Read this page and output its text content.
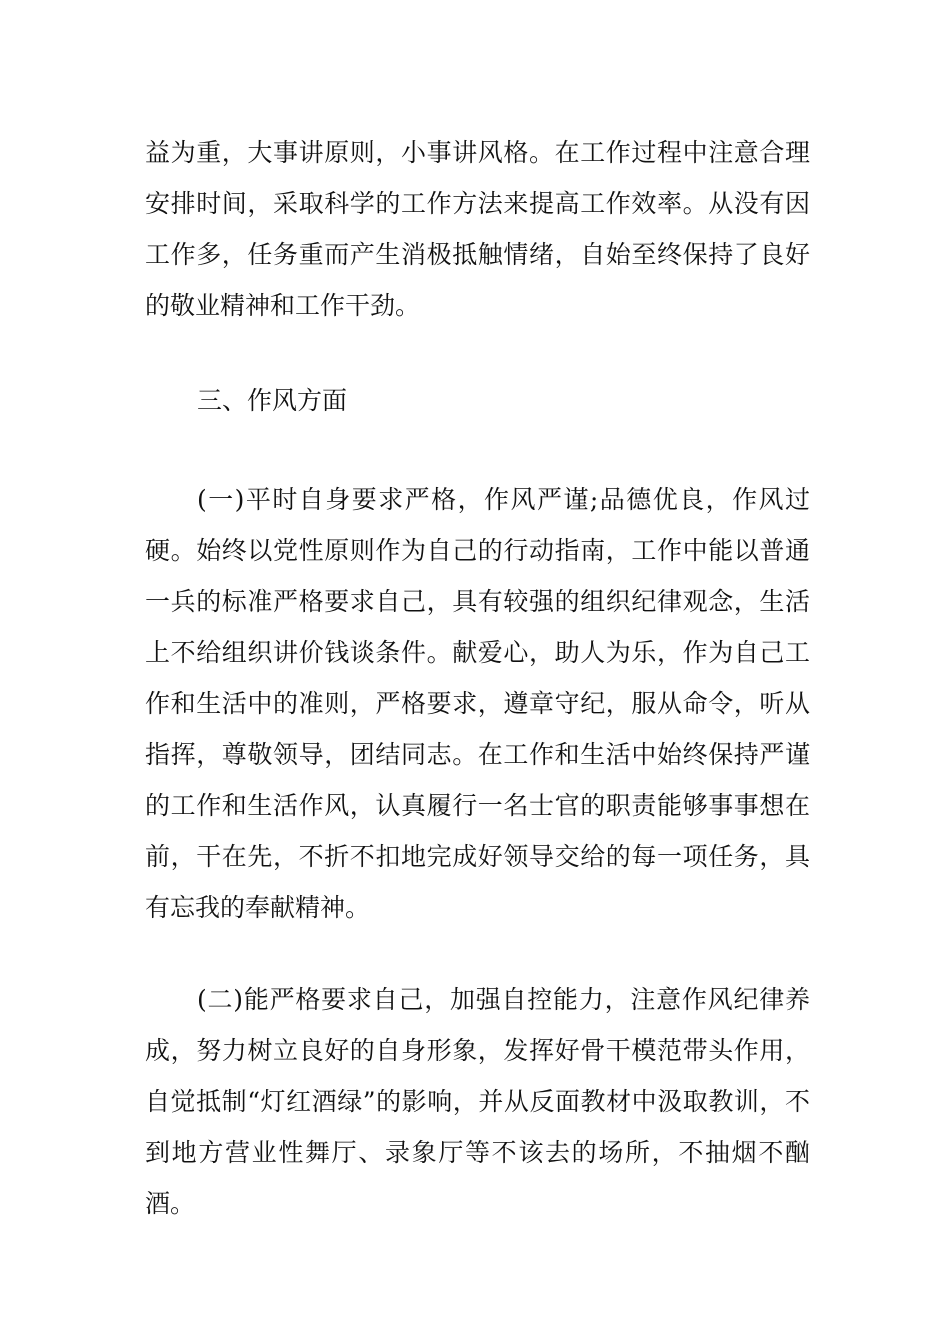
益为重，大事讲原则，小事讲风格。在工作过程中注意合理安排时间，采取科学的工作方法来提高工作效率。从没有因工作多，任务重而产生消极抵触情绪，自始至终保持了良好的敬业精神和工作干劲。

三、作风方面

(一)平时自身要求严格，作风严谨;品德优良，作风过硬。始终以党性原则作为自己的行动指南，工作中能以普通一兵的标准严格要求自己，具有较强的组织纪律观念，生活上不给组织讲价钱谈条件。献爱心，助人为乐，作为自己工作和生活中的准则，严格要求，遵章守纪，服从命令，听从指挥，尊敬领导，团结同志。在工作和生活中始终保持严谨的工作和生活作风，认真履行一名士官的职责能够事事想在前，干在先，不折不扣地完成好领导交给的每一项任务，具有忘我的奉献精神。

(二)能严格要求自己，加强自控能力，注意作风纪律养成，努力树立良好的自身形象，发挥好骨干模范带头作用，自觉抵制“灯红酒绿”的影响，并从反面教材中汲取教训，不到地方营业性舞厅、录象厅等不该去的场所，不抽烟不酗酒。
